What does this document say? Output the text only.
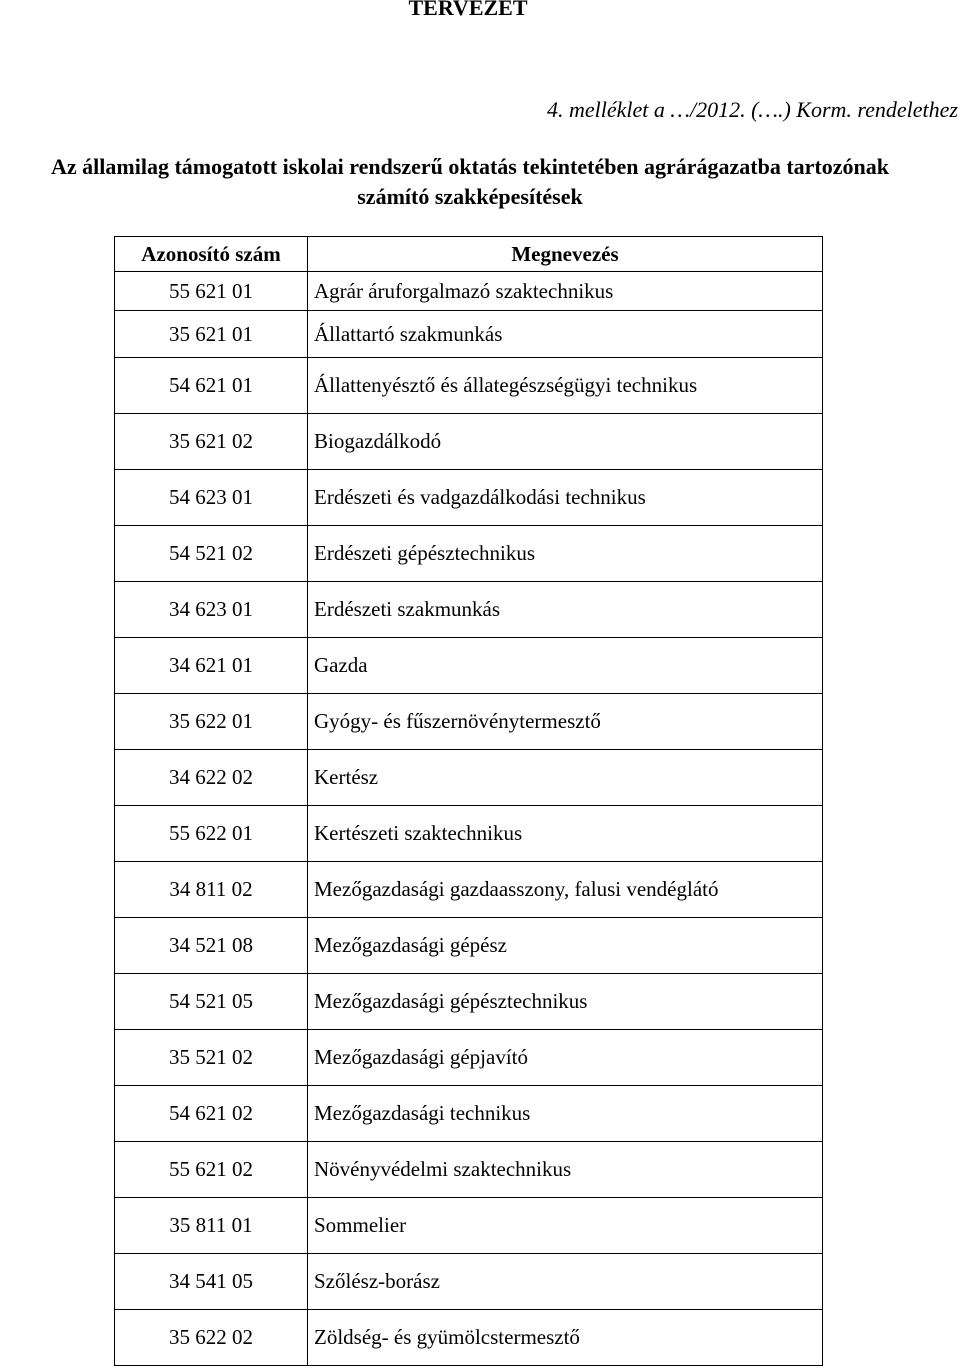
TERVEZET
4. melléklet a …/2012. (….) Korm. rendelethez
Az államilag támogatott iskolai rendszerű oktatás tekintetében agrárágazatba tartozónak
számító szakképesítések
Azonosító szám	Megnevezés
55 621 01	Agrár áruforgalmazó szaktechnikus
35 621 01	Állattartó szakmunkás
54 621 01	Állattenyésztő és állategészségügyi technikus
35 621 02	Biogazdálkodó
54 623 01	Erdészeti és vadgazdálkodási technikus
54 521 02	Erdészeti gépésztechnikus
34 623 01	Erdészeti szakmunkás
34 621 01	Gazda
35 622 01	Gyógy- és fűszernövénytermesztő
34 622 02	Kertész
55 622 01	Kertészeti szaktechnikus
34 811 02	Mezőgazdasági gazdaasszony, falusi vendéglátó
34 521 08	Mezőgazdasági gépész
54 521 05	Mezőgazdasági gépésztechnikus
35 521 02	Mezőgazdasági gépjavító
54 621 02	Mezőgazdasági technikus
55 621 02	Növényvédelmi szaktechnikus
35 811 01	Sommelier
34 541 05	Szőlész-borász
35 622 02	Zöldség- és gyümölcstermesztő
